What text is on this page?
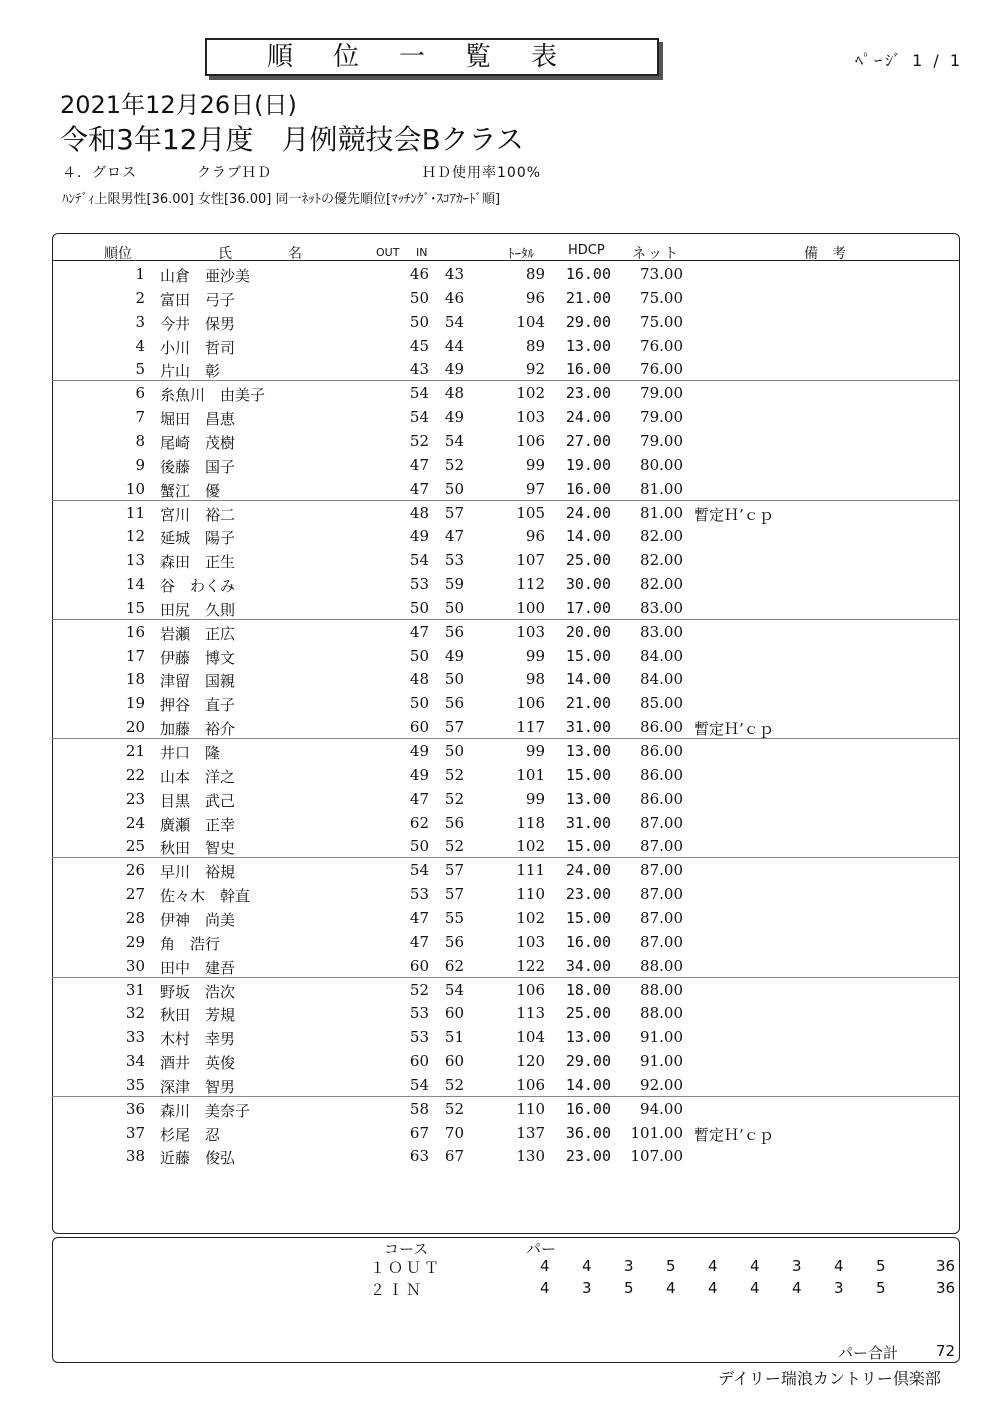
順位一覧表	ﾍﾟｰｼﾞ 1 / 1
2021年12月26日(日)
令和3年12月度　月例競技会Bクラス
４．グロス　　　　クラブＨＤ　　　　　　　　　　ＨＤ使用率100%
ﾊﾝﾃﾞｨ上限男性[36.00] 女性[36.00] 同一ﾈｯﾄの優先順位[ﾏｯﾁﾝｸﾞ･ｽｺｱｶｰﾄﾞ順]
順位	氏	名	OUT IN	ﾄｰﾀﾙ	HDCP ネット	備　考
1 山倉　亜沙美	46 43	89 16.00 73.00
2 富田　弓子	50 46	96 21.00 75.00
3 今井　保男	50 54	104 29.00 75.00
4 小川　哲司	45 44	89 13.00 76.00
5 片山　彰	43 49	92 16.00 76.00
6 糸魚川　由美子	54 48	102 23.00 79.00
7 堀田　昌恵	54 49	103 24.00 79.00
8 尾崎　茂樹	52 54	106 27.00 79.00
9 後藤　国子	47 52	99 19.00 80.00
10 蟹江　優	47 50	97 16.00 81.00
11 宮川　裕二	48 57	105 24.00 81.00 暫定Ｈ’ｃｐ
12 延城　陽子	49 47	96 14.00 82.00
13 森田　正生	54 53	107 25.00 82.00
14 谷　わくみ	53 59	112 30.00 82.00
15 田尻　久則	50 50	100 17.00 83.00
16 岩瀬　正広	47 56	103 20.00 83.00
17 伊藤　博文	50 49	99 15.00 84.00
18 津留　国親	48 50	98 14.00 84.00
19 押谷　直子	50 56	106 21.00 85.00
20 加藤　裕介	60 57	117 31.00 86.00 暫定Ｈ’ｃｐ
21 井口　隆	49 50	99 13.00 86.00
22 山本　洋之	49 52	101 15.00 86.00
23 目黒　武己	47 52	99 13.00 86.00
24 廣瀬　正幸	62 56	118 31.00 87.00
25 秋田　智史	50 52	102 15.00 87.00
26 早川　裕規	54 57	111 24.00 87.00
27 佐々木　幹直	53 57	110 23.00 87.00
28 伊神　尚美	47 55	102 15.00 87.00
29 角　浩行	47 56	103 16.00 87.00
30 田中　建吾	60 62	122 34.00 88.00
31 野坂　浩次	52 54	106 18.00 88.00
32 秋田　芳規	53 60	113 25.00 88.00
33 木村　幸男	53 51	104 13.00 91.00
34 酒井　英俊	60 60	120 29.00 91.00
35 深津　智男	54 52	106 14.00 92.00
36 森川　美奈子	58 52	110 16.00 94.00
37 杉尾　忍	67 70	137 36.00 101.00 暫定Ｈ’ｃｐ
38 近藤　俊弘	63 67	130 23.00 107.00
コース	パー
１ＯＵＴ	4 4 3 5 4 4 3 4 5	36
２ＩＮ	4 3 5 4 4 4 4 3 5	36
パー合計	72
デイリー瑞浪カントリー倶楽部
